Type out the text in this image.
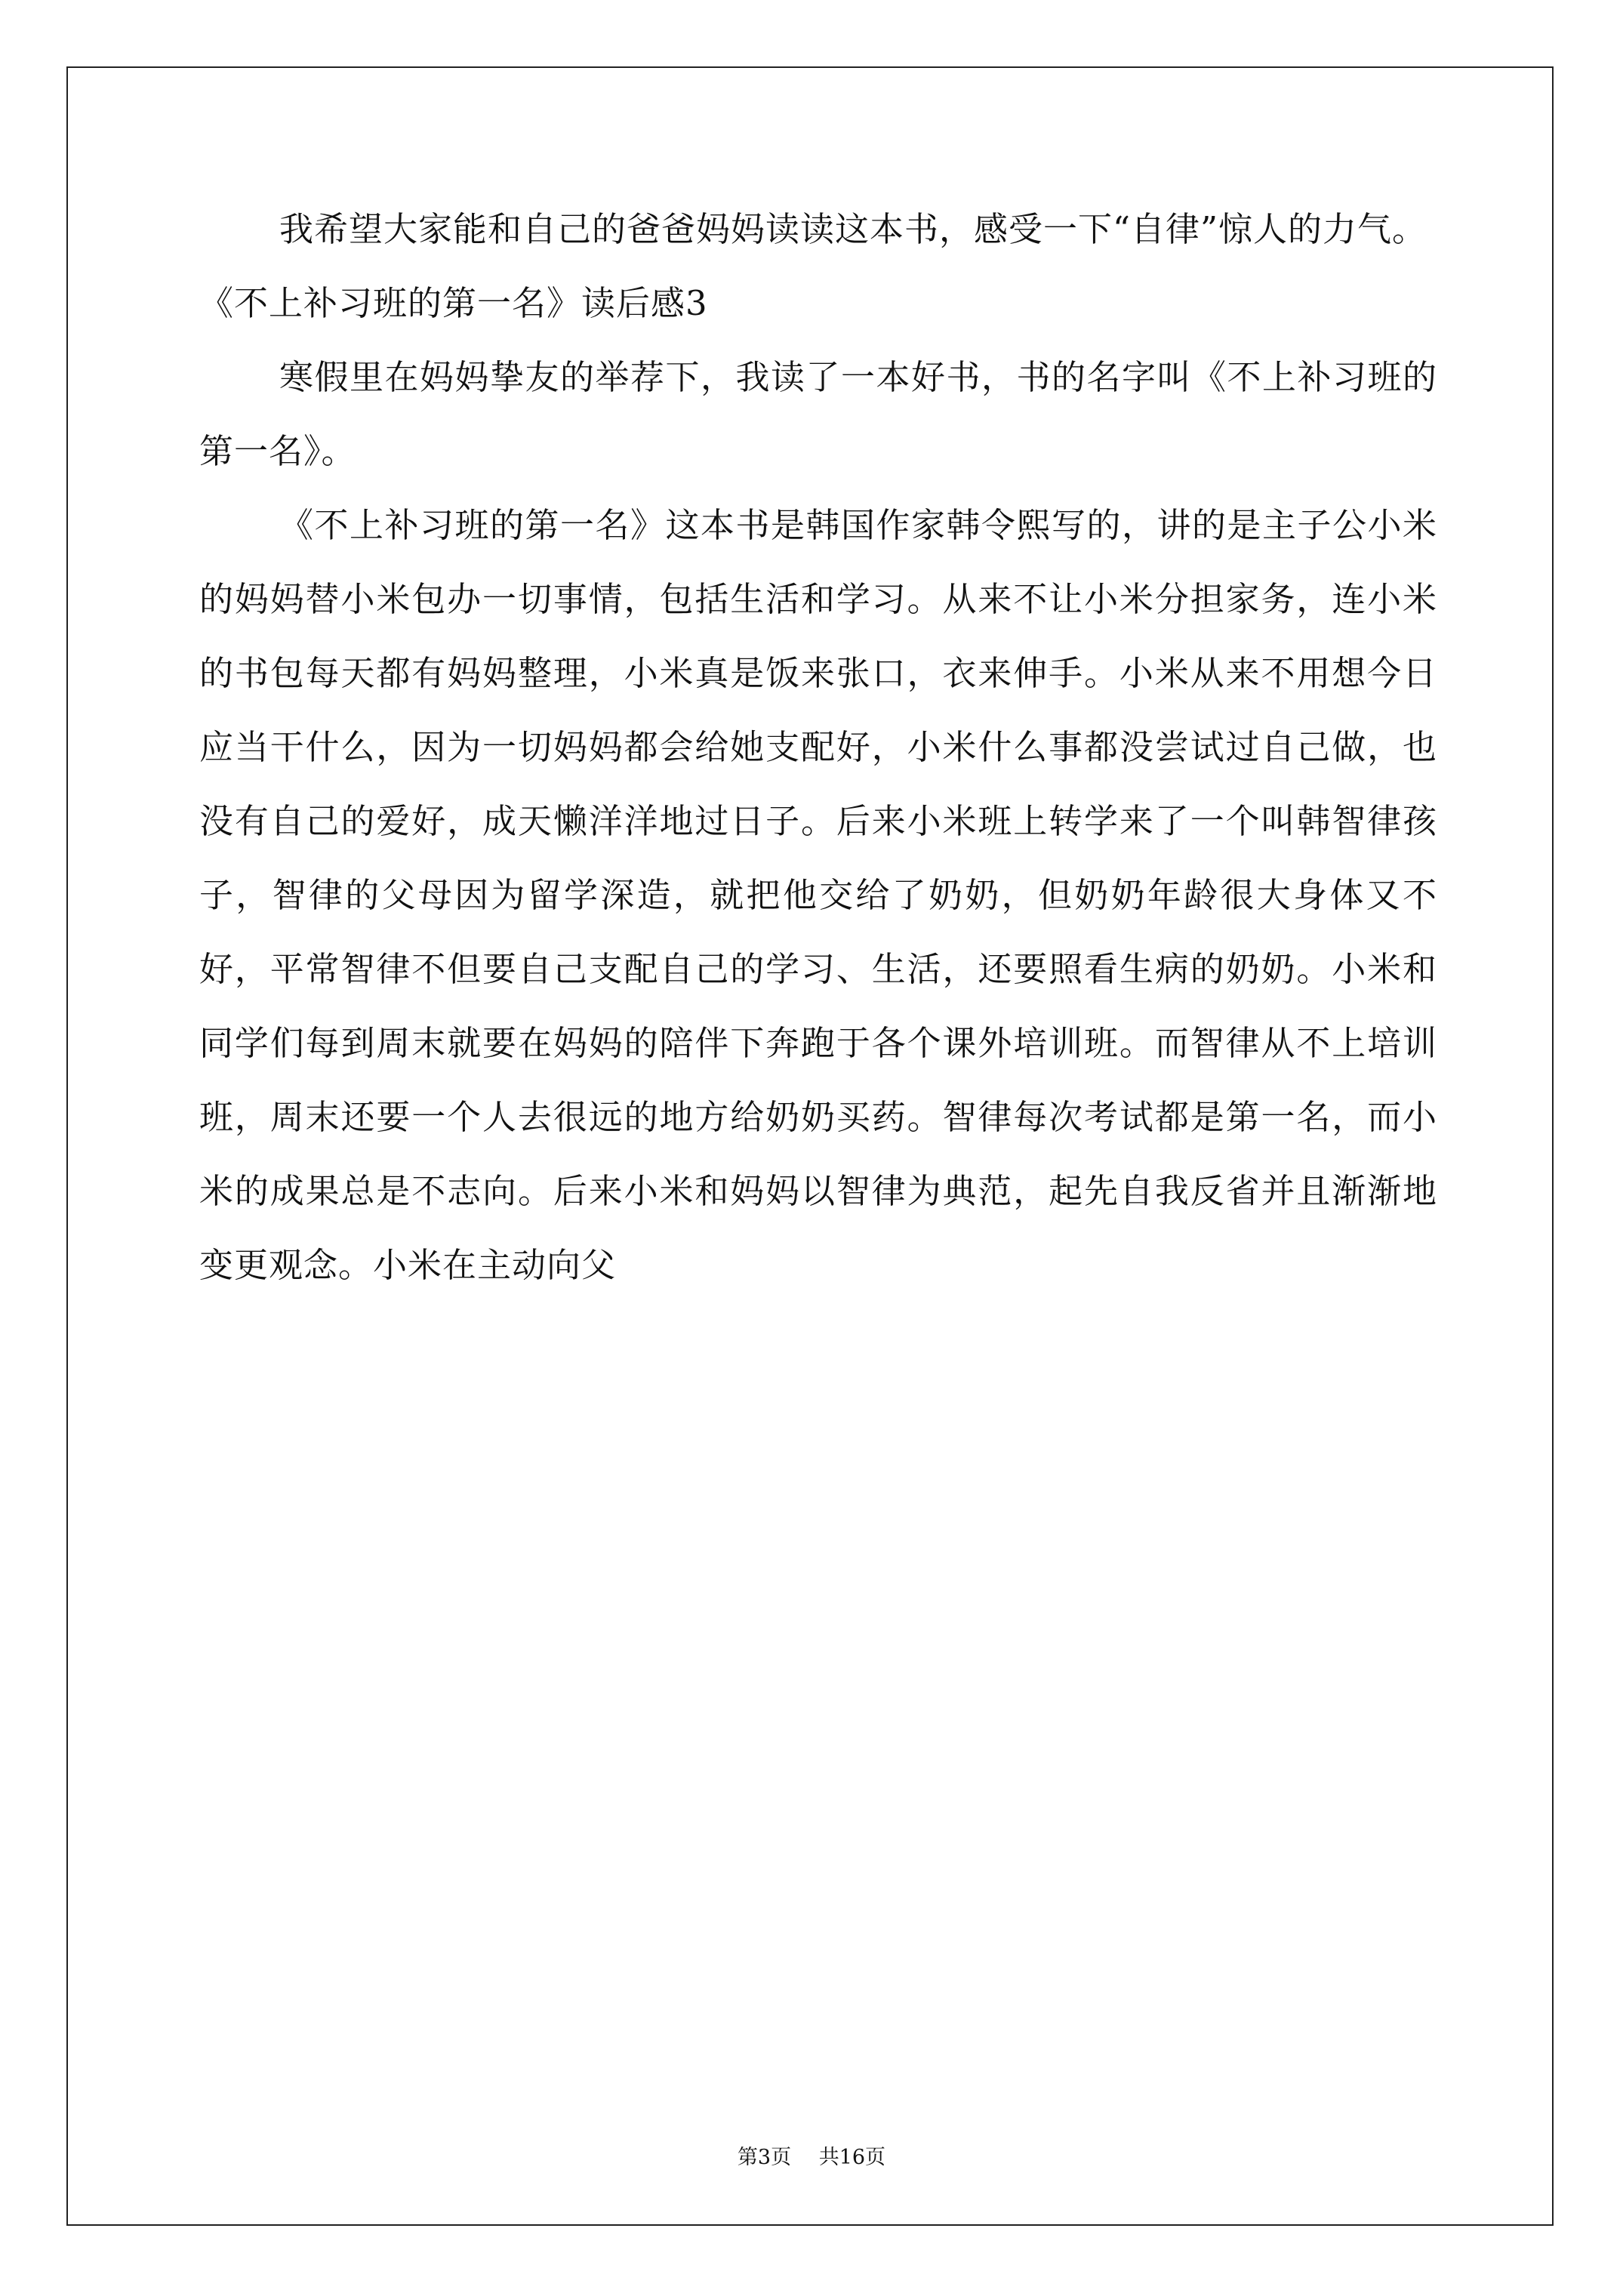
我希望大家能和自己的爸爸妈妈读读这本书，感受一下“自律”惊人的力气。

《不上补习班的第一名》读后感3

寒假里在妈妈挚友的举荐下，我读了一本好书，书的名字叫《不上补习班的第一名》。

《不上补习班的第一名》这本书是韩国作家韩令熙写的，讲的是主子公小米的妈妈替小米包办一切事情，包括生活和学习。从来不让小米分担家务，连小米的书包每天都有妈妈整理，小米真是饭来张口，衣来伸手。小米从来不用想今日应当干什么，因为一切妈妈都会给她支配好，小米什么事都没尝试过自己做，也没有自己的爱好，成天懒洋洋地过日子。后来小米班上转学来了一个叫韩智律孩子，智律的父母因为留学深造，就把他交给了奶奶，但奶奶年龄很大身体又不好，平常智律不但要自己支配自己的学习、生活，还要照看生病的奶奶。小米和同学们每到周末就要在妈妈的陪伴下奔跑于各个课外培训班。而智律从不上培训班，周末还要一个人去很远的地方给奶奶买药。智律每次考试都是第一名，而小米的成果总是不志向。后来小米和妈妈以智律为典范，起先自我反省并且渐渐地变更观念。小米在主动向父

第3页 共16页
